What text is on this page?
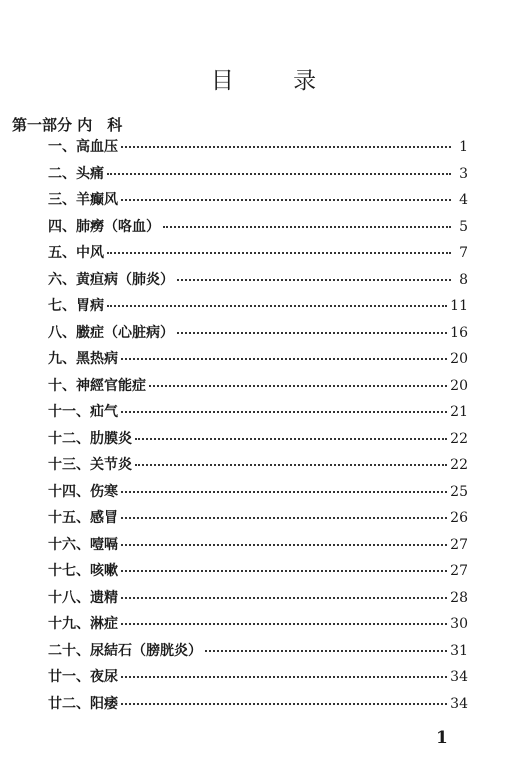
目 录
第一部分 内　科
一、高血压	1
二、头痛	3
三、羊癫风	4
四、肺癆（咯血）	5
五、中风	7
六、黄疸病（肺炎）	8
七、胃病	11
八、臌症（心脏病）	16
九、黑热病	20
十、神經官能症	20
十一、疝气	21
十二、肋膜炎	22
十三、关节炎	22
十四、伤寒	25
十五、感冒	26
十六、噎嗝	27
十七、咳嗽	27
十八、遗精	28
十九、淋症	30
二十、尿結石（膀胱炎）	31
廿一、夜尿	34
廿二、阳痿	34
1
